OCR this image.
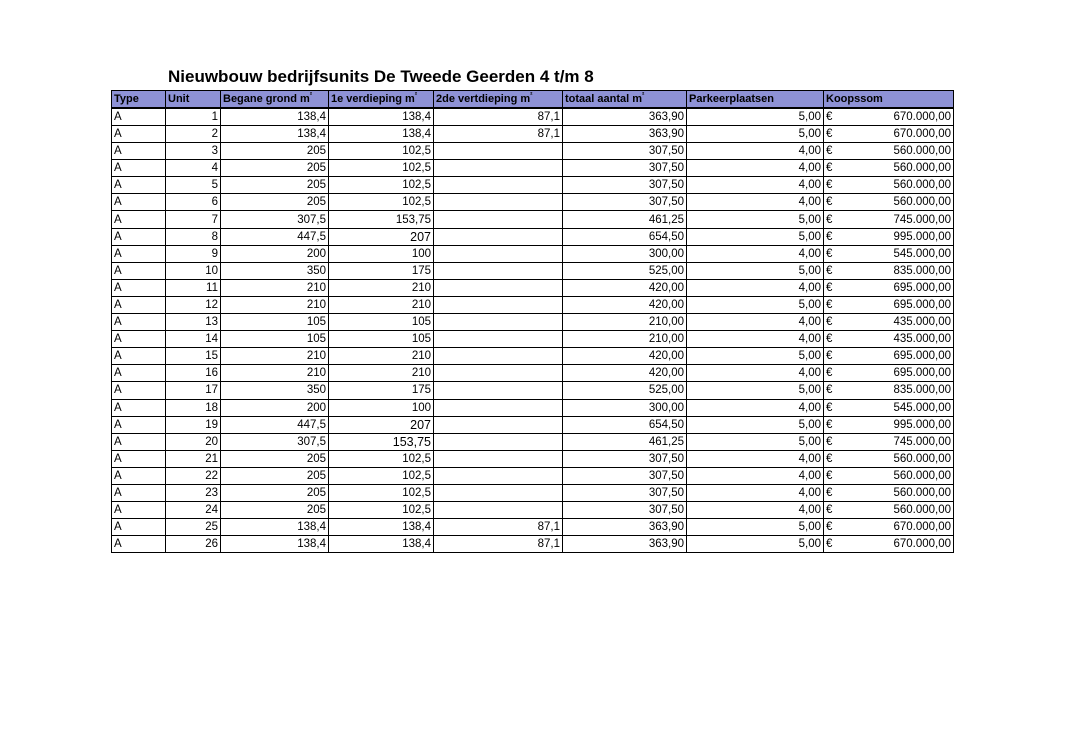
Nieuwbouw bedrijfsunits De Tweede Geerden 4 t/m 8
Type	Unit	Begane grond $m^{^2}$	1e verdieping $m^{^2}$	2de vertdieping $m^{^2}$	totaal aantal $m^{^2}$	Parkeerplaatsen	Koopssom	
A	1	138,4	138,4	87,1	363,90	5,00	€	670.000,00
A	2	138,4	138,4	87,1	363,90	5,00	€	670.000,00
A	3	205	102,5		307,50	4,00	€	560.000,00
A	4	205	102,5		307,50	4,00	€	560.000,00
A	5	205	102,5		307,50	4,00	€	560.000,00
A	6	205	102,5		307,50	4,00	€	560.000,00
A	7	307,5	153,75		461,25	5,00	€	745.000,00
A	8	447,5	207		654,50	5,00	€	995.000,00
A	9	200	100		300,00	4,00	€	545.000,00
A	10	350	175		525,00	5,00	€	835.000,00
A	11	210	210		420,00	4,00	€	695.000,00
A	12	210	210		420,00	5,00	€	695.000,00
A	13	105	105		210,00	4,00	€	435.000,00
A	14	105	105		210,00	4,00	€	435.000,00
A	15	210	210		420,00	5,00	€	695.000,00
A	16	210	210		420,00	4,00	€	695.000,00
A	17	350	175		525,00	5,00	€	835.000,00
A	18	200	100		300,00	4,00	€	545.000,00
A	19	447,5	207		654,50	5,00	€	995.000,00
A	20	307,5	153,75		461,25	5,00	€	745.000,00
A	21	205	102,5		307,50	4,00	€	560.000,00
A	22	205	102,5		307,50	4,00	€	560.000,00
A	23	205	102,5		307,50	4,00	€	560.000,00
A	24	205	102,5		307,50	4,00	€	560.000,00
A	25	138,4	138,4	87,1	363,90	5,00	€	670.000,00
A	26	138,4	138,4	87,1	363,90	5,00	€	670.000,00
